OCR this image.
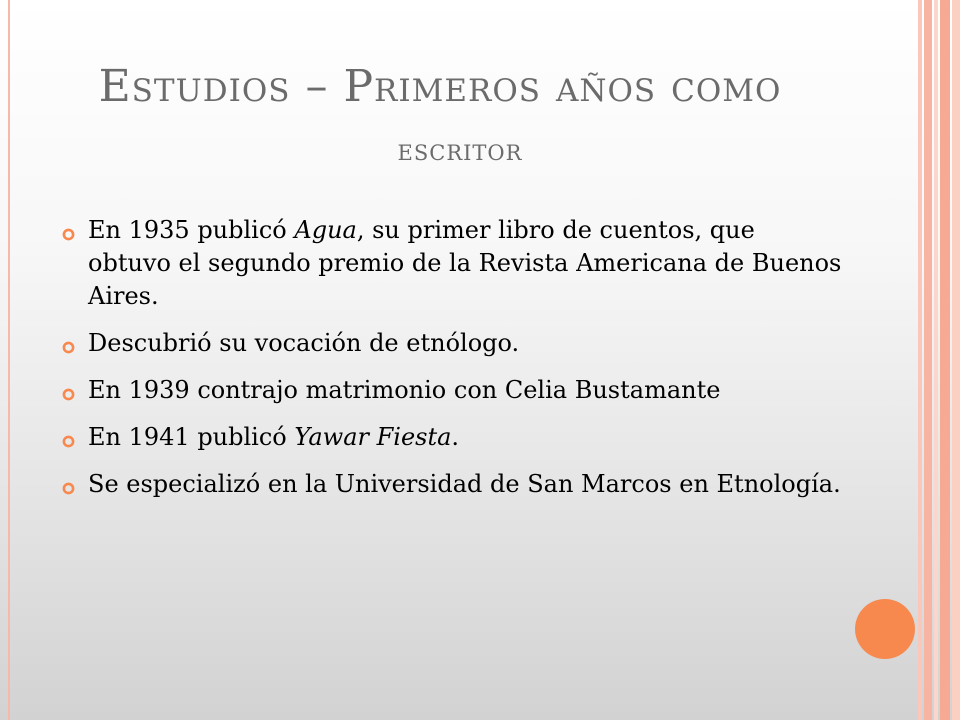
Estudios – Primeros años como
escritor
En 1935 publicó Agua, su primer libro de cuentos, que obtuvo el segundo premio de la Revista Americana de Buenos Aires.
Descubrió su vocación de etnólogo.
En 1939 contrajo matrimonio con Celia Bustamante
En 1941 publicó Yawar Fiesta.
Se especializó en la Universidad de San Marcos en Etnología.
